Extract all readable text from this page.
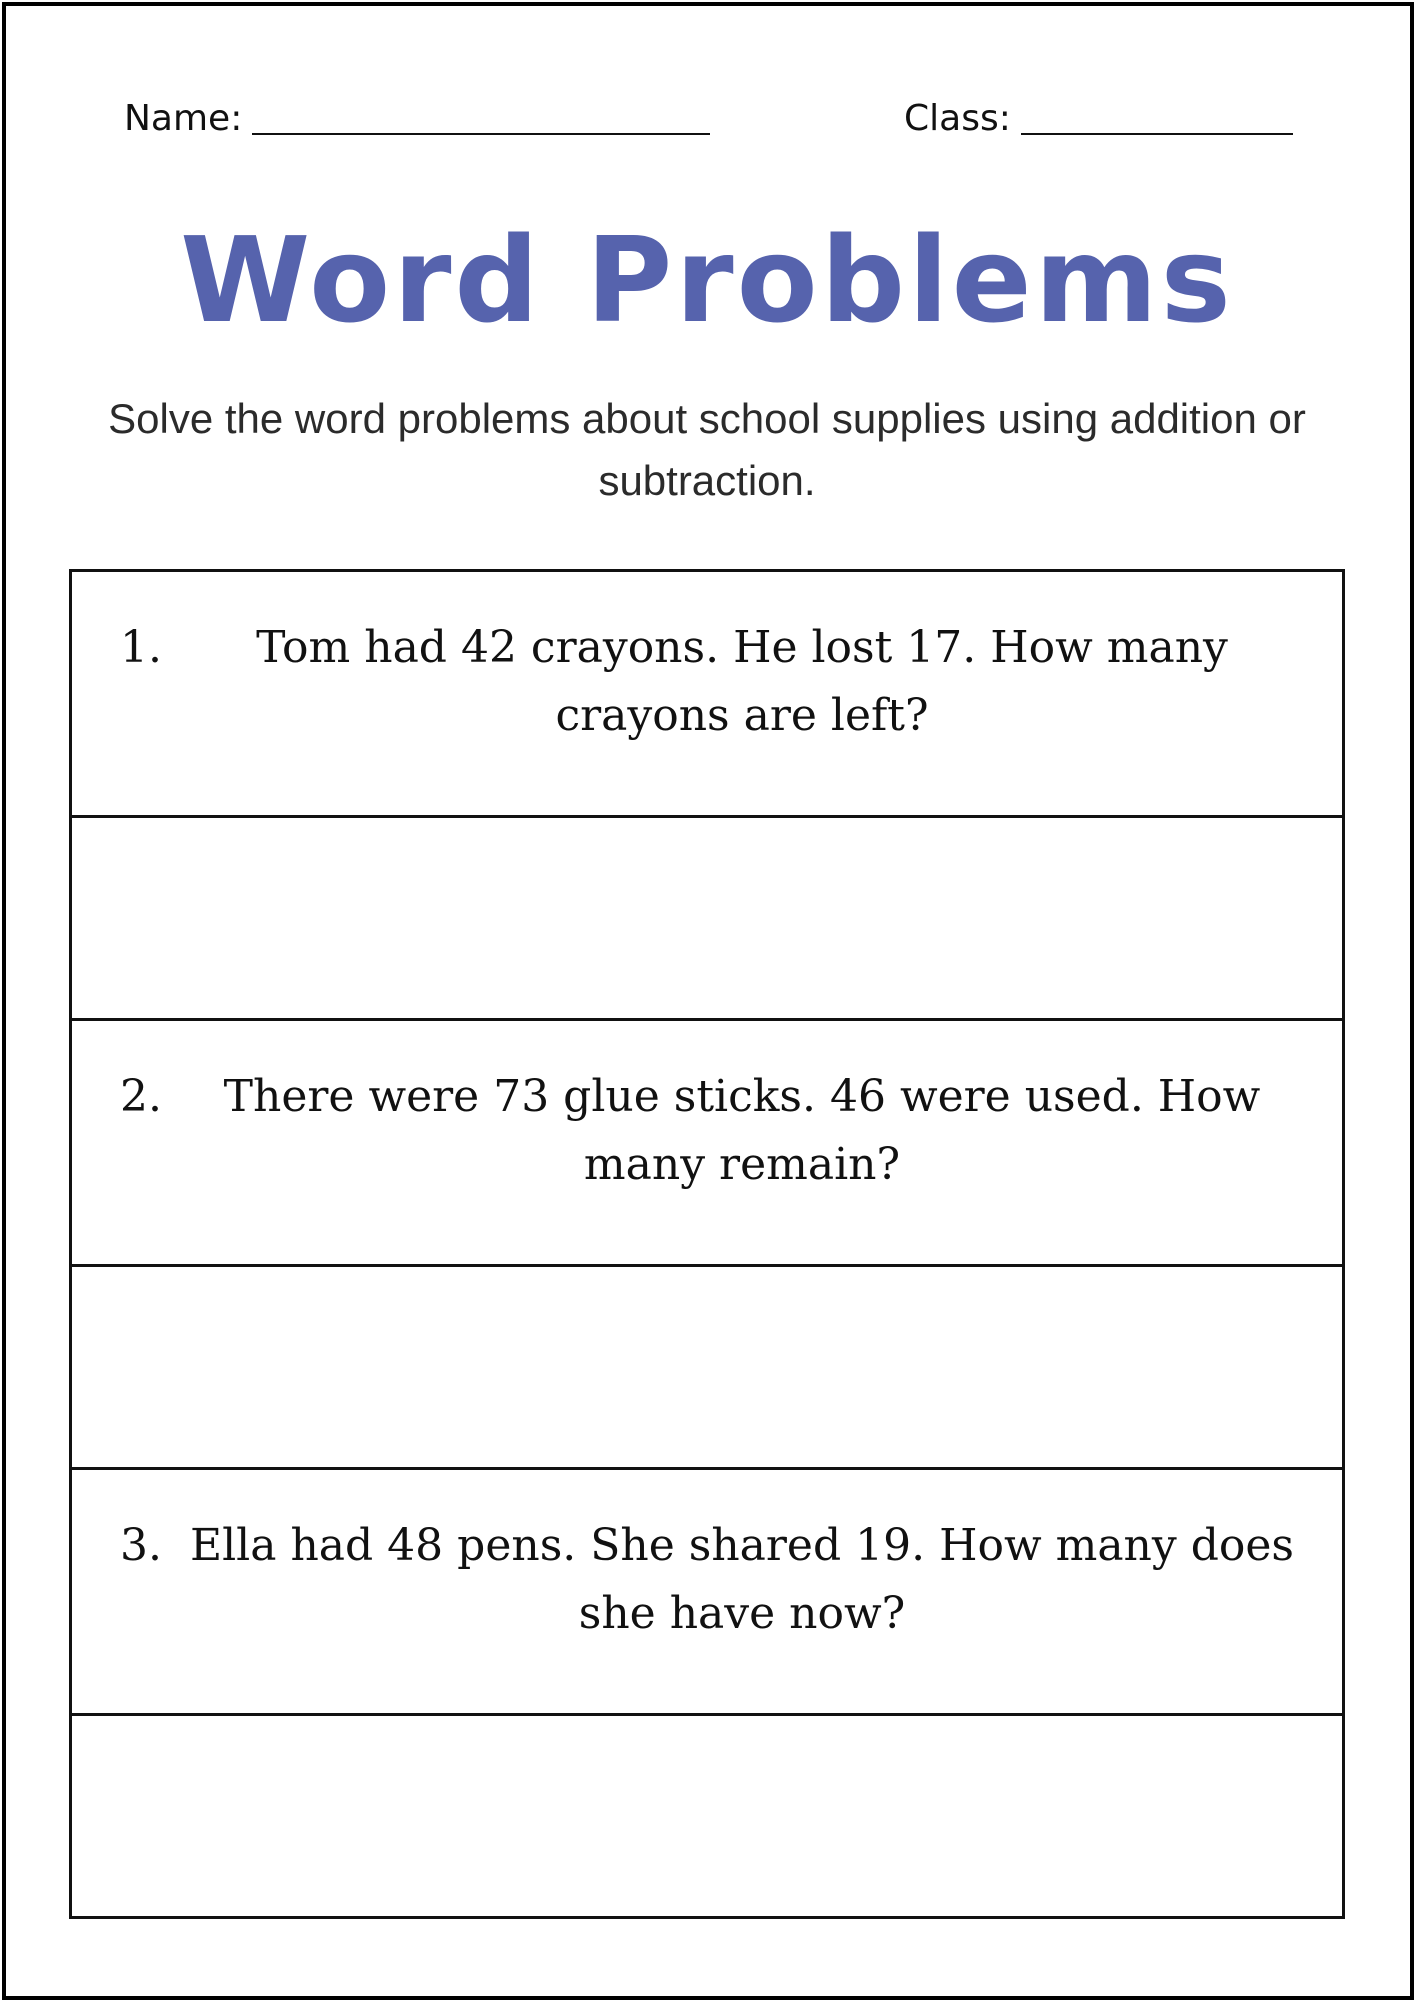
Name:	Class:
Word Problems
Solve the word problems about school supplies using addition or subtraction.
1.	Tom had 42 crayons. He lost 17. How many crayons are left?
2.	There were 73 glue sticks. 46 were used. How many remain?
3. Ella had 48 pens. She shared 19. How many does she have now?
